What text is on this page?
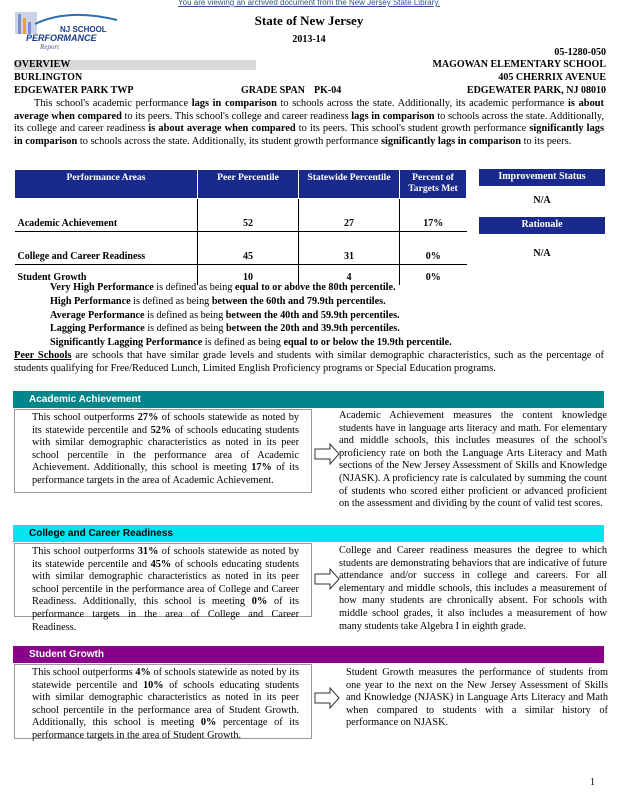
You are viewing an archived document from the New Jersey State Library.
NJ SCHOOL
PERFORMANCE
Report
State of New Jersey
2013-14
05-1280-050
OVERVIEW	MAGOWAN ELEMENTARY SCHOOL
BURLINGTON	405 CHERRIX AVENUE
EDGEWATER PARK TWP	GRADE SPAN PK-04	EDGEWATER PARK, NJ 08010

This school's academic performance lags in comparison to schools across the state. Additionally, its academic performance is about average when compared to its peers. This school's college and career readiness lags in comparison to schools across the state. Additionally, its college and career readiness is about average when compared to its peers. This school's student growth performance significantly lags in comparison to schools across the state. Additionally, its student growth performance significantly lags in comparison to its peers.

Performance Areas	Peer Percentile	Statewide Percentile	Percent of Targets Met
Academic Achievement	52	27	17%
College and Career Readiness	45	31	0%
Student Growth	10	4	0%
Improvement Status
N/A
Rationale
N/A
Very High Performance is defined as being equal to or above the 80th percentile.
High Performance is defined as being between the 60th and 79.9th percentiles.
Average Performance is defined as being between the 40th and 59.9th percentiles.
Lagging Performance is defined as being between the 20th and 39.9th percentiles.
Significantly Lagging Performance is defined as being equal to or below the 19.9th percentile.
Peer Schools are schools that have similar grade levels and students with similar demographic characteristics, such as the percentage of students qualifying for Free/Reduced Lunch, Limited English Proficiency programs or Special Education programs.
Academic Achievement
This school outperforms 27% of schools statewide as noted by its statewide percentile and 52% of schools educating students with similar demographic characteristics as noted in its peer school percentile in the performance area of Academic Achievement. Additionally, this school is meeting 17% of its performance targets in the area of Academic Achievement.
Academic Achievement measures the content knowledge students have in language arts literacy and math. For elementary and middle schools, this includes measures of the school's proficiency rate on both the Language Arts Literacy and Math sections of the New Jersey Assessment of Skills and Knowledge (NJASK). A proficiency rate is calculated by summing the count of students who scored either proficient or advanced proficient on the assessment and dividing by the count of valid test scores.
College and Career Readiness
This school outperforms 31% of schools statewide as noted by its statewide percentile and 45% of schools educating students with similar demographic characteristics as noted in its peer school percentile in the performance area of College and Career Readiness. Additionally, this school is meeting 0% of its performance targets in the area of College and Career Readiness.
College and Career readiness measures the degree to which students are demonstrating behaviors that are indicative of future attendance and/or success in college and careers. For all elementary and middle schools, this includes a measurement of how many students are chronically absent. For schools with middle school grades, it also includes a measurement of how many students take Algebra I in eighth grade.
Student Growth
This school outperforms 4% of schools statewide as noted by its statewide percentile and 10% of schools educating students with similar demographic characteristics as noted in its peer school percentile in the performance area of Student Growth. Additionally, this school is meeting 0% percentage of its performance targets in the area of Student Growth.
Student Growth measures the performance of students from one year to the next on the New Jersey Assessment of Skills and Knowledge (NJASK) in Language Arts Literacy and Math when compared to students with a similar history of performance on NJASK.
1
